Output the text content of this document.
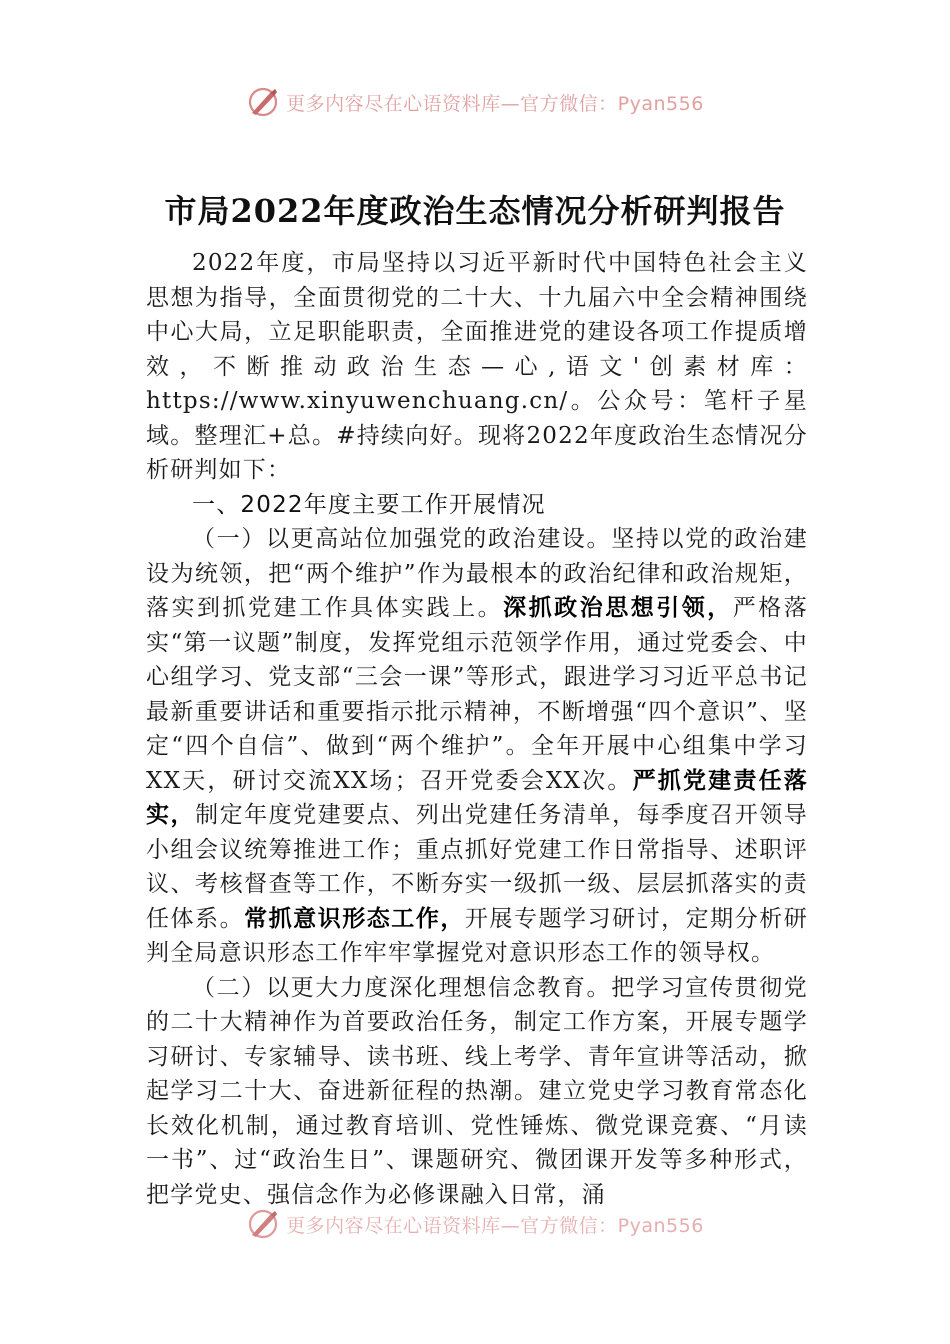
更多内容尽在心语资料库—官方微信：Pyan556
市局2022年度政治生态情况分析研判报告

2022年度，市局坚持以习近平新时代中国特色社会主义思想为指导，全面贯彻党的二十大、十九届六中全会精神围绕中心大局，立足职能职责，全面推进党的建设各项工作提质增效，不断推动政治生态—心,语文'创素材库：https://www.xinyuwenchuang.cn/。公众号：笔杆子星域。整理汇+总。#持续向好。现将2022年度政治生态情况分析研判如下：

一、2022年度主要工作开展情况

（一）以更高站位加强党的政治建设。坚持以党的政治建设为统领，把“两个维护”作为最根本的政治纪律和政治规矩，落实到抓党建工作具体实践上。深抓政治思想引领，严格落实“第一议题”制度，发挥党组示范领学作用，通过党委会、中心组学习、党支部“三会一课”等形式，跟进学习习近平总书记最新重要讲话和重要指示批示精神，不断增强“四个意识”、坚定“四个自信”、做到“两个维护”。全年开展中心组集中学习XX天，研讨交流XX场；召开党委会XX次。严抓党建责任落实，制定年度党建要点、列出党建任务清单，每季度召开领导小组会议统筹推进工作；重点抓好党建工作日常指导、述职评议、考核督查等工作，不断夯实一级抓一级、层层抓落实的责任体系。常抓意识形态工作，开展专题学习研讨，定期分析研判全局意识形态工作牢牢掌握党对意识形态工作的领导权。

（二）以更大力度深化理想信念教育。把学习宣传贯彻党的二十大精神作为首要政治任务，制定工作方案，开展专题学习研讨、专家辅导、读书班、线上考学、青年宣讲等活动，掀起学习二十大、奋进新征程的热潮。建立党史学习教育常态化长效化机制，通过教育培训、党性锤炼、微党课竞赛、“月读一书”、过“政治生日”、课题研究、微团课开发等多种形式，把学党史、强信念作为必修课融入日常，涌

更多内容尽在心语资料库—官方微信：Pyan556
